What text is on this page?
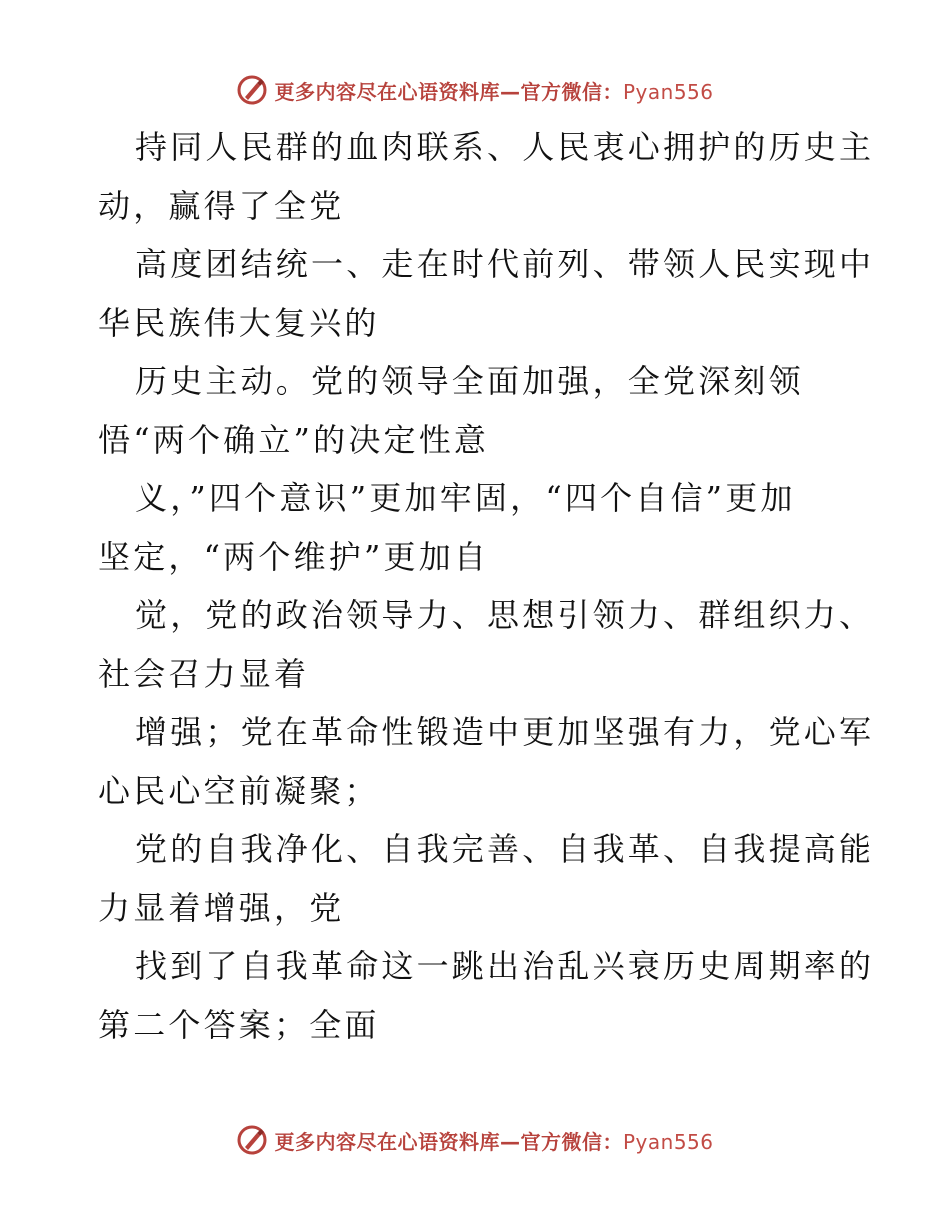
更多内容尽在心语资料库—官方微信：Pyan556
持同人民群的血肉联系、人民衷心拥护的历史主
动，赢得了全党
高度团结统一、走在时代前列、带领人民实现中
华民族伟大复兴的
历史主动。党的领导全面加强，全党深刻领
悟“两个确立”的决定性意
义，”四个意识”更加牢固，“四个自信”更加
坚定，“两个维护”更加自
觉，党的政治领导力、思想引领力、群组织力、
社会召力显着
增强；党在革命性锻造中更加坚强有力，党心军
心民心空前凝聚；
党的自我净化、自我完善、自我革、自我提高能
力显着增强，党
找到了自我革命这一跳出治乱兴衰历史周期率的
第二个答案；全面
更多内容尽在心语资料库—官方微信：Pyan556
